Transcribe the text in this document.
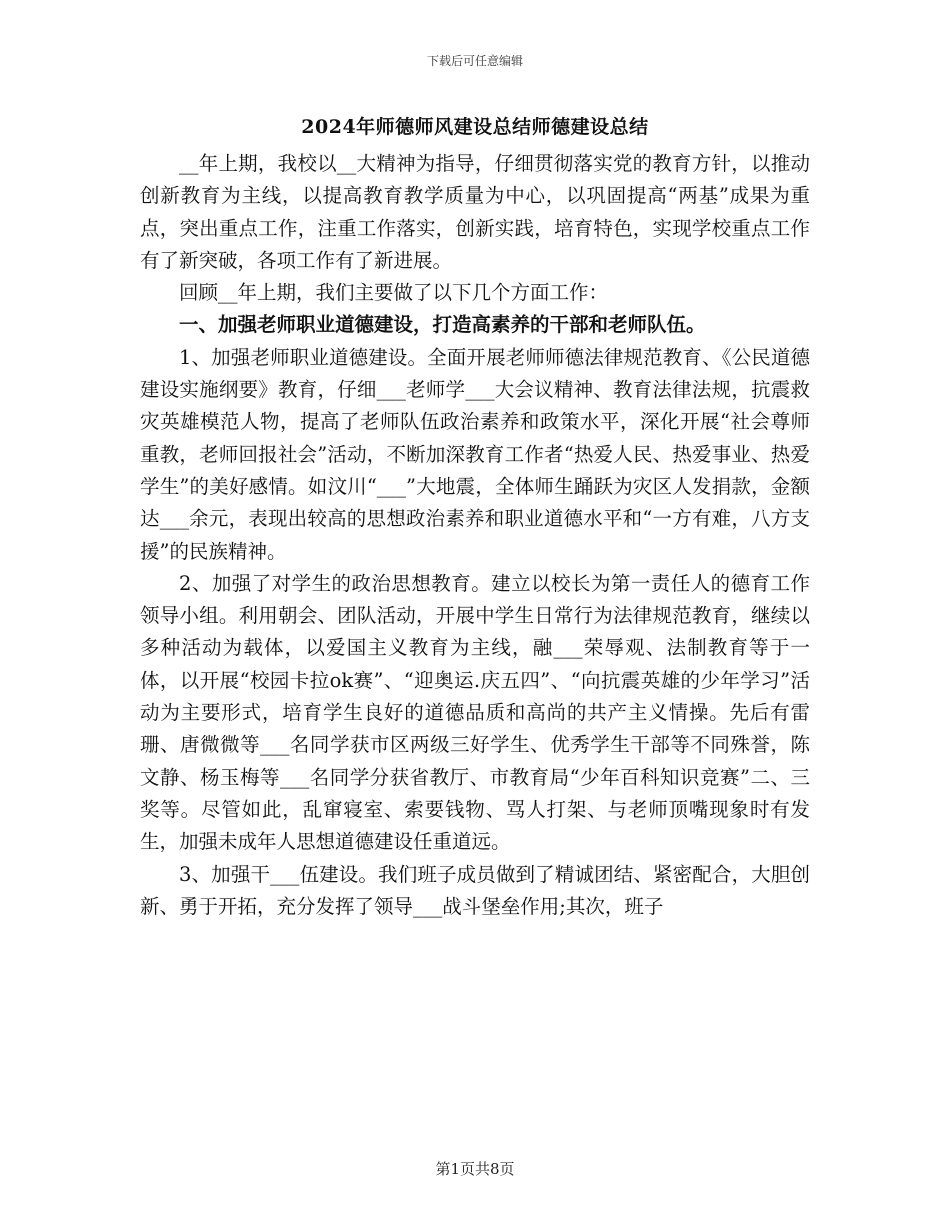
下载后可任意编辑
2024年师德师风建设总结师德建设总结

__年上期，我校以__大精神为指导，仔细贯彻落实党的教育方针，以推动创新教育为主线，以提高教育教学质量为中心，以巩固提高“两基”成果为重点，突出重点工作，注重工作落实，创新实践，培育特色，实现学校重点工作有了新突破，各项工作有了新进展。

回顾__年上期，我们主要做了以下几个方面工作：

一、加强老师职业道德建设，打造高素养的干部和老师队伍。

1、加强老师职业道德建设。全面开展老师师德法律规范教育、《公民道德建设实施纲要》教育，仔细___老师学___大会议精神、教育法律法规，抗震救灾英雄模范人物，提高了老师队伍政治素养和政策水平，深化开展“社会尊师重教，老师回报社会”活动，不断加深教育工作者“热爱人民、热爱事业、热爱学生”的美好感情。如汶川“___”大地震，全体师生踊跃为灾区人发捐款，金额达___余元，表现出较高的思想政治素养和职业道德水平和“一方有难，八方支援”的民族精神。

2、加强了对学生的政治思想教育。建立以校长为第一责任人的德育工作领导小组。利用朝会、团队活动，开展中学生日常行为法律规范教育，继续以多种活动为载体，以爱国主义教育为主线，融___荣辱观、法制教育等于一体，以开展“校园卡拉ok赛”、“迎奥运.庆五四”、“向抗震英雄的少年学习”活动为主要形式，培育学生良好的道德品质和高尚的共产主义情操。先后有雷珊、唐微微等___名同学获市区两级三好学生、优秀学生干部等不同殊誉，陈文静、杨玉梅等___名同学分获省教厅、市教育局“少年百科知识竞赛”二、三奖等。尽管如此，乱窜寝室、索要钱物、骂人打架、与老师顶嘴现象时有发生，加强未成年人思想道德建设任重道远。

3、加强干___伍建设。我们班子成员做到了精诚团结、紧密配合，大胆创新、勇于开拓，充分发挥了领导___战斗堡垒作用;其次，班子

第1页共8页
